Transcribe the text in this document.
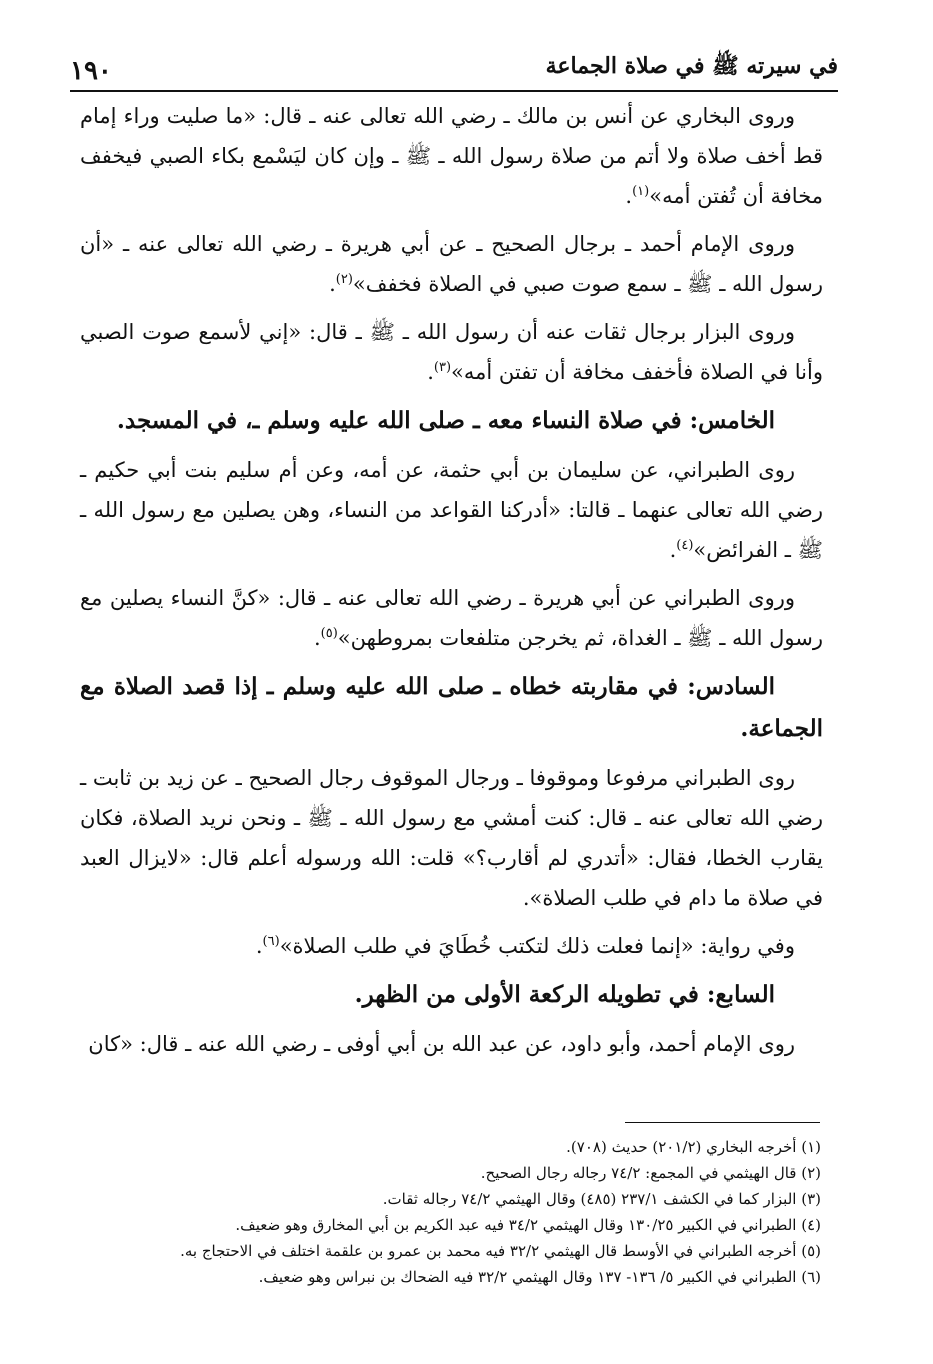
في سيرته ﷺ في صلاة الجماعة
١٩٠

وروى البخاري عن أنس بن مالك ـ رضي الله تعالى عنه ـ قال: «ما صليت وراء إمام قط أخف صلاة ولا أتم من صلاة رسول الله ـ ﷺ ـ وإن كان ليَسْمع بكاء الصبي فيخفف مخافة أن تُفتن أمه»$^{(١)}$.

وروى الإمام أحمد ـ برجال الصحيح ـ عن أبي هريرة ـ رضي الله تعالى عنه ـ «أن رسول الله ـ ﷺ ـ سمع صوت صبي في الصلاة فخفف»$^{(٢)}$.

وروى البزار برجال ثقات عنه أن رسول الله ـ ﷺ ـ قال: «إني لأسمع صوت الصبي وأنا في الصلاة فأخفف مخافة أن تفتن أمه»$^{(٣)}$.

الخامس: في صلاة النساء معه ـ صلى الله عليه وسلم ـ، في المسجد.

روى الطبراني، عن سليمان بن أبي حثمة، عن أمه، وعن أم سليم بنت أبي حكيم ـ رضي الله تعالى عنهما ـ قالتا: «أدركنا القواعد من النساء، وهن يصلين مع رسول الله ـ ﷺ ـ الفرائض»$^{(٤)}$.

وروى الطبراني عن أبي هريرة ـ رضي الله تعالى عنه ـ قال: «كنَّ النساء يصلين مع رسول الله ـ ﷺ ـ الغداة، ثم يخرجن متلفعات بمروطهن»$^{(٥)}$.

السادس: في مقاربته خطاه ـ صلى الله عليه وسلم ـ إذا قصد الصلاة مع الجماعة.

روى الطبراني مرفوعا وموقوفا ـ ورجال الموقوف رجال الصحيح ـ عن زيد بن ثابت ـ رضي الله تعالى عنه ـ قال: كنت أمشي مع رسول الله ـ ﷺ ـ ونحن نريد الصلاة، فكان يقارب الخطا، فقال: «أتدري لم أقارب؟» قلت: الله ورسوله أعلم قال: «لايزال العبد في صلاة ما دام في طلب الصلاة».

وفي رواية: «إنما فعلت ذلك لتكتب خُطَايَ في طلب الصلاة»$^{(٦)}$.

السابع: في تطويله الركعة الأولى من الظهر.

روى الإمام أحمد، وأبو داود، عن عبد الله بن أبي أوفى ـ رضي الله عنه ـ قال: «كان

(١) أخرجه البخاري (٢٠١/٢) حديث (٧٠٨).
(٢) قال الهيثمي في المجمع: ٧٤/٢ رجاله رجال الصحيح.
(٣) البزار كما في الكشف ٢٣٧/١ (٤٨٥) وقال الهيثمي ٧٤/٢ رجاله ثقات.
(٤) الطبراني في الكبير ١٣٠/٢٥ وقال الهيثمي ٣٤/٢ فيه عبد الكريم بن أبي المخارق وهو ضعيف.
(٥) أخرجه الطبراني في الأوسط قال الهيثمي ٣٢/٢ فيه محمد بن عمرو بن علقمة اختلف في الاحتجاج به.
(٦) الطبراني في الكبير ٥/ ١٣٦- ١٣٧ وقال الهيثمي ٣٢/٢ فيه الضحاك بن نبراس وهو ضعيف.
